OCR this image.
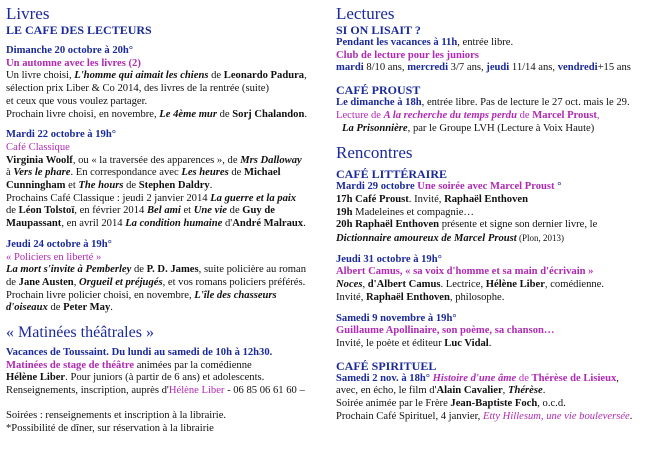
Livres
LE CAFE DES LECTEURS

Dimanche 20 octobre à 20h°

Un automne avec les livres (2)

Un livre choisi, L'homme qui aimait les chiens de Leonardo Padura,

sélection prix Liber & Co 2014, des livres de la rentrée (suite)

et ceux que vous voulez partager.

Prochain livre choisi, en novembre, Le 4ème mur de Sorj Chalandon.

Mardi 22 octobre à 19h°

Café Classique

Virginia Woolf, ou « la traversée des apparences », de Mrs Dalloway

à Vers le phare. En correspondance avec Les heures de Michael

Cunningham et The hours de Stephen Daldry.

Prochains Café Classique : jeudi 2 janvier 2014 La guerre et la paix

de Léon Tolstoï, en février 2014 Bel ami et Une vie de Guy de

Maupassant, en avril 2014 La condition humaine d'André Malraux.

Jeudi 24 octobre à 19h°

« Policiers en liberté »

La mort s'invite à Pemberley de P. D. James, suite policière au roman

de Jane Austen, Orgueil et préjugés, et vos romans policiers préférés.

Prochain livre policier choisi, en novembre, L'île des chasseurs

d'oiseaux de Peter May.

« Matinées théâtrales »

Vacances de Toussaint. Du lundi au samedi de 10h à 12h30.

Matinées de stage de théâtre animées par la comédienne

Hélène Liber. Pour juniors (à partir de 6 ans) et adolescents.

Renseignements, inscription, auprès d'Hélène Liber - 06 85 06 61 60 –

Soirées : renseignements et inscription à la librairie.

*Possibilité de dîner, sur réservation à la librairie

Lectures
SI ON LISAIT ?

Pendant les vacances à 11h, entrée libre.

Club de lecture pour les juniors

mardi 8/10 ans, mercredi 3/7 ans, jeudi 11/14 ans, vendredi+15 ans

CAFÉ PROUST

Le dimanche à 18h, entrée libre. Pas de lecture le 27 oct. mais le 29.

Lecture de A la recherche du temps perdu de Marcel Proust,

La Prisonnière, par le Groupe LVH (Lecture à Voix Haute)

Rencontres
CAFÉ LITTÉRAIRE

Mardi 29 octobre Une soirée avec Marcel Proust °

17h Café Proust. Invité, Raphaël Enthoven

19h Madeleines et compagnie…

20h Raphaël Enthoven présente et signe son dernier livre, le

Dictionnaire amoureux de Marcel Proust (Plon, 2013)

Jeudi 31 octobre à 19h°

Albert Camus, « sa voix d'homme et sa main d'écrivain »

Noces, d'Albert Camus. Lectrice, Hélène Liber, comédienne.

Invité, Raphaël Enthoven, philosophe.

Samedi 9 novembre à 19h°

Guillaume Apollinaire, son poème, sa chanson…

Invité, le poète et éditeur Luc Vidal.

CAFÉ SPIRITUEL

Samedi 2 nov. à 18h° Histoire d'une âme de Thérèse de Lisieux,

avec, en écho, le film d'Alain Cavalier, Thérèse.

Soirée animée par le Frère Jean-Baptiste Foch, o.c.d.

Prochain Café Spirituel, 4 janvier, Etty Hillesum, une vie bouleversée.
